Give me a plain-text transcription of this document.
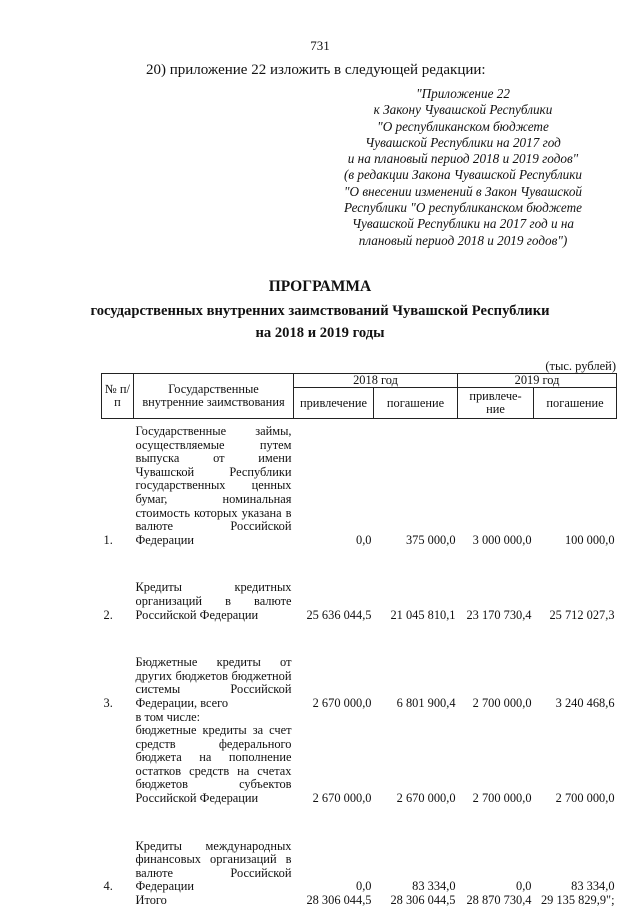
731
20) приложение 22 изложить в следующей редакции:
"Приложение 22
к Закону Чувашской Республики
"О республиканском бюджете
Чувашской Республики на 2017 год
и на плановый период 2018 и 2019 годов"
(в редакции Закона Чувашской Республики
"О внесении изменений в Закон Чувашской
Республики "О республиканском бюджете
Чувашской Республики на 2017 год и на
плановый период 2018 и 2019 годов")
ПРОГРАММА
государственных внутренних заимствований Чувашской Республики
на 2018 и 2019 годы
(тыс. рублей)
№ п/п	Государственные внутренние заимствования	2018 год		2019 год	
		привлечение	погашение	привлече-ние	погашение
1.	Государственные займы, осуществляемые путем выпуска от имени Чувашской Республики государственных ценных бумаг, номинальная стоимость которых указана в валюте Российской Федерации	0,0	375 000,0	3 000 000,0	100 000,0

2.	Кредиты кредитных организаций в валюте Российской Федерации	25 636 044,5	21 045 810,1	23 170 730,4	25 712 027,3

3.	Бюджетные кредиты от других бюджетов бюджетной системы Российской Федерации, всего	2 670 000,0	6 801 900,4	2 700 000,0	3 240 468,6
	в том числе:				
	бюджетные кредиты за счет средств федерального бюджета на пополнение остатков средств на счетах бюджетов субъектов Российской Федерации	2 670 000,0	2 670 000,0	2 700 000,0	2 700 000,0

4.	Кредиты международных финансовых организаций в валюте Российской Федерации	0,0	83 334,0	0,0	83 334,0
	Итого	28 306 044,5	28 306 044,5	28 870 730,4	29 135 829,9";
